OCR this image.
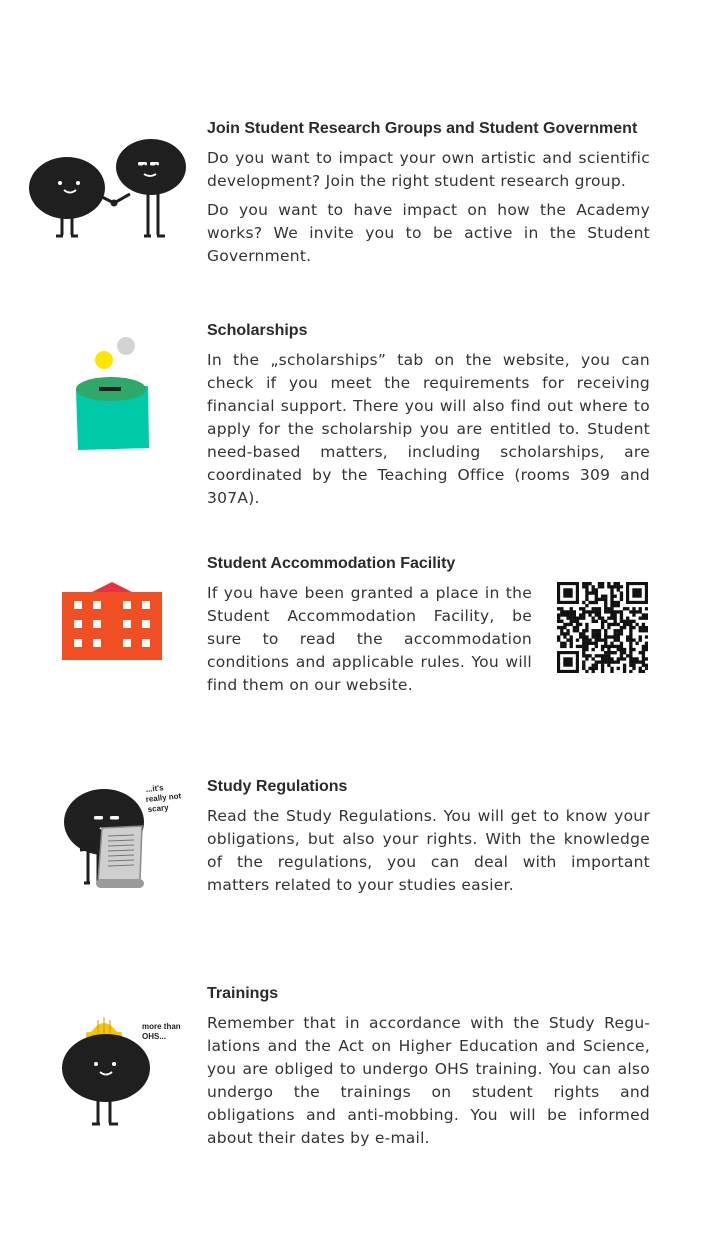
Join Student Research Groups and Student Government

Do you want to impact your own artistic and scientific development? Join the right student research group.

Do you want to have impact on how the Academy works? We invite you to be active in the Student Government.

Scholarships

In the „scholarships” tab on the website, you can check if you meet the requirements for receiving financial support. There you will also find out where to apply for the scholarship you are entitled to. Student need-based matters, including scholarships, are coordinated by the Teaching Office (rooms 309 and 307A).

Student Accommodation Facility

If you have been granted a place in the Student Accommodation Facility, be sure to read the accommodation conditions and applicable rules. You will find them on our website.

...it's
really not
scary
Study Regulations

Read the Study Regulations. You will get to know your obligations, but also your rights. With the knowledge of the regulations, you can deal with important matters related to your studies easier.

more than
OHS...
Trainings

Remember that in accordance with the Study Regulations and the Act on Higher Education and Science, you are obliged to undergo OHS training. You can also undergo the trainings on student rights and obligations and anti-mobbing. You will be informed about their dates by e-mail.
